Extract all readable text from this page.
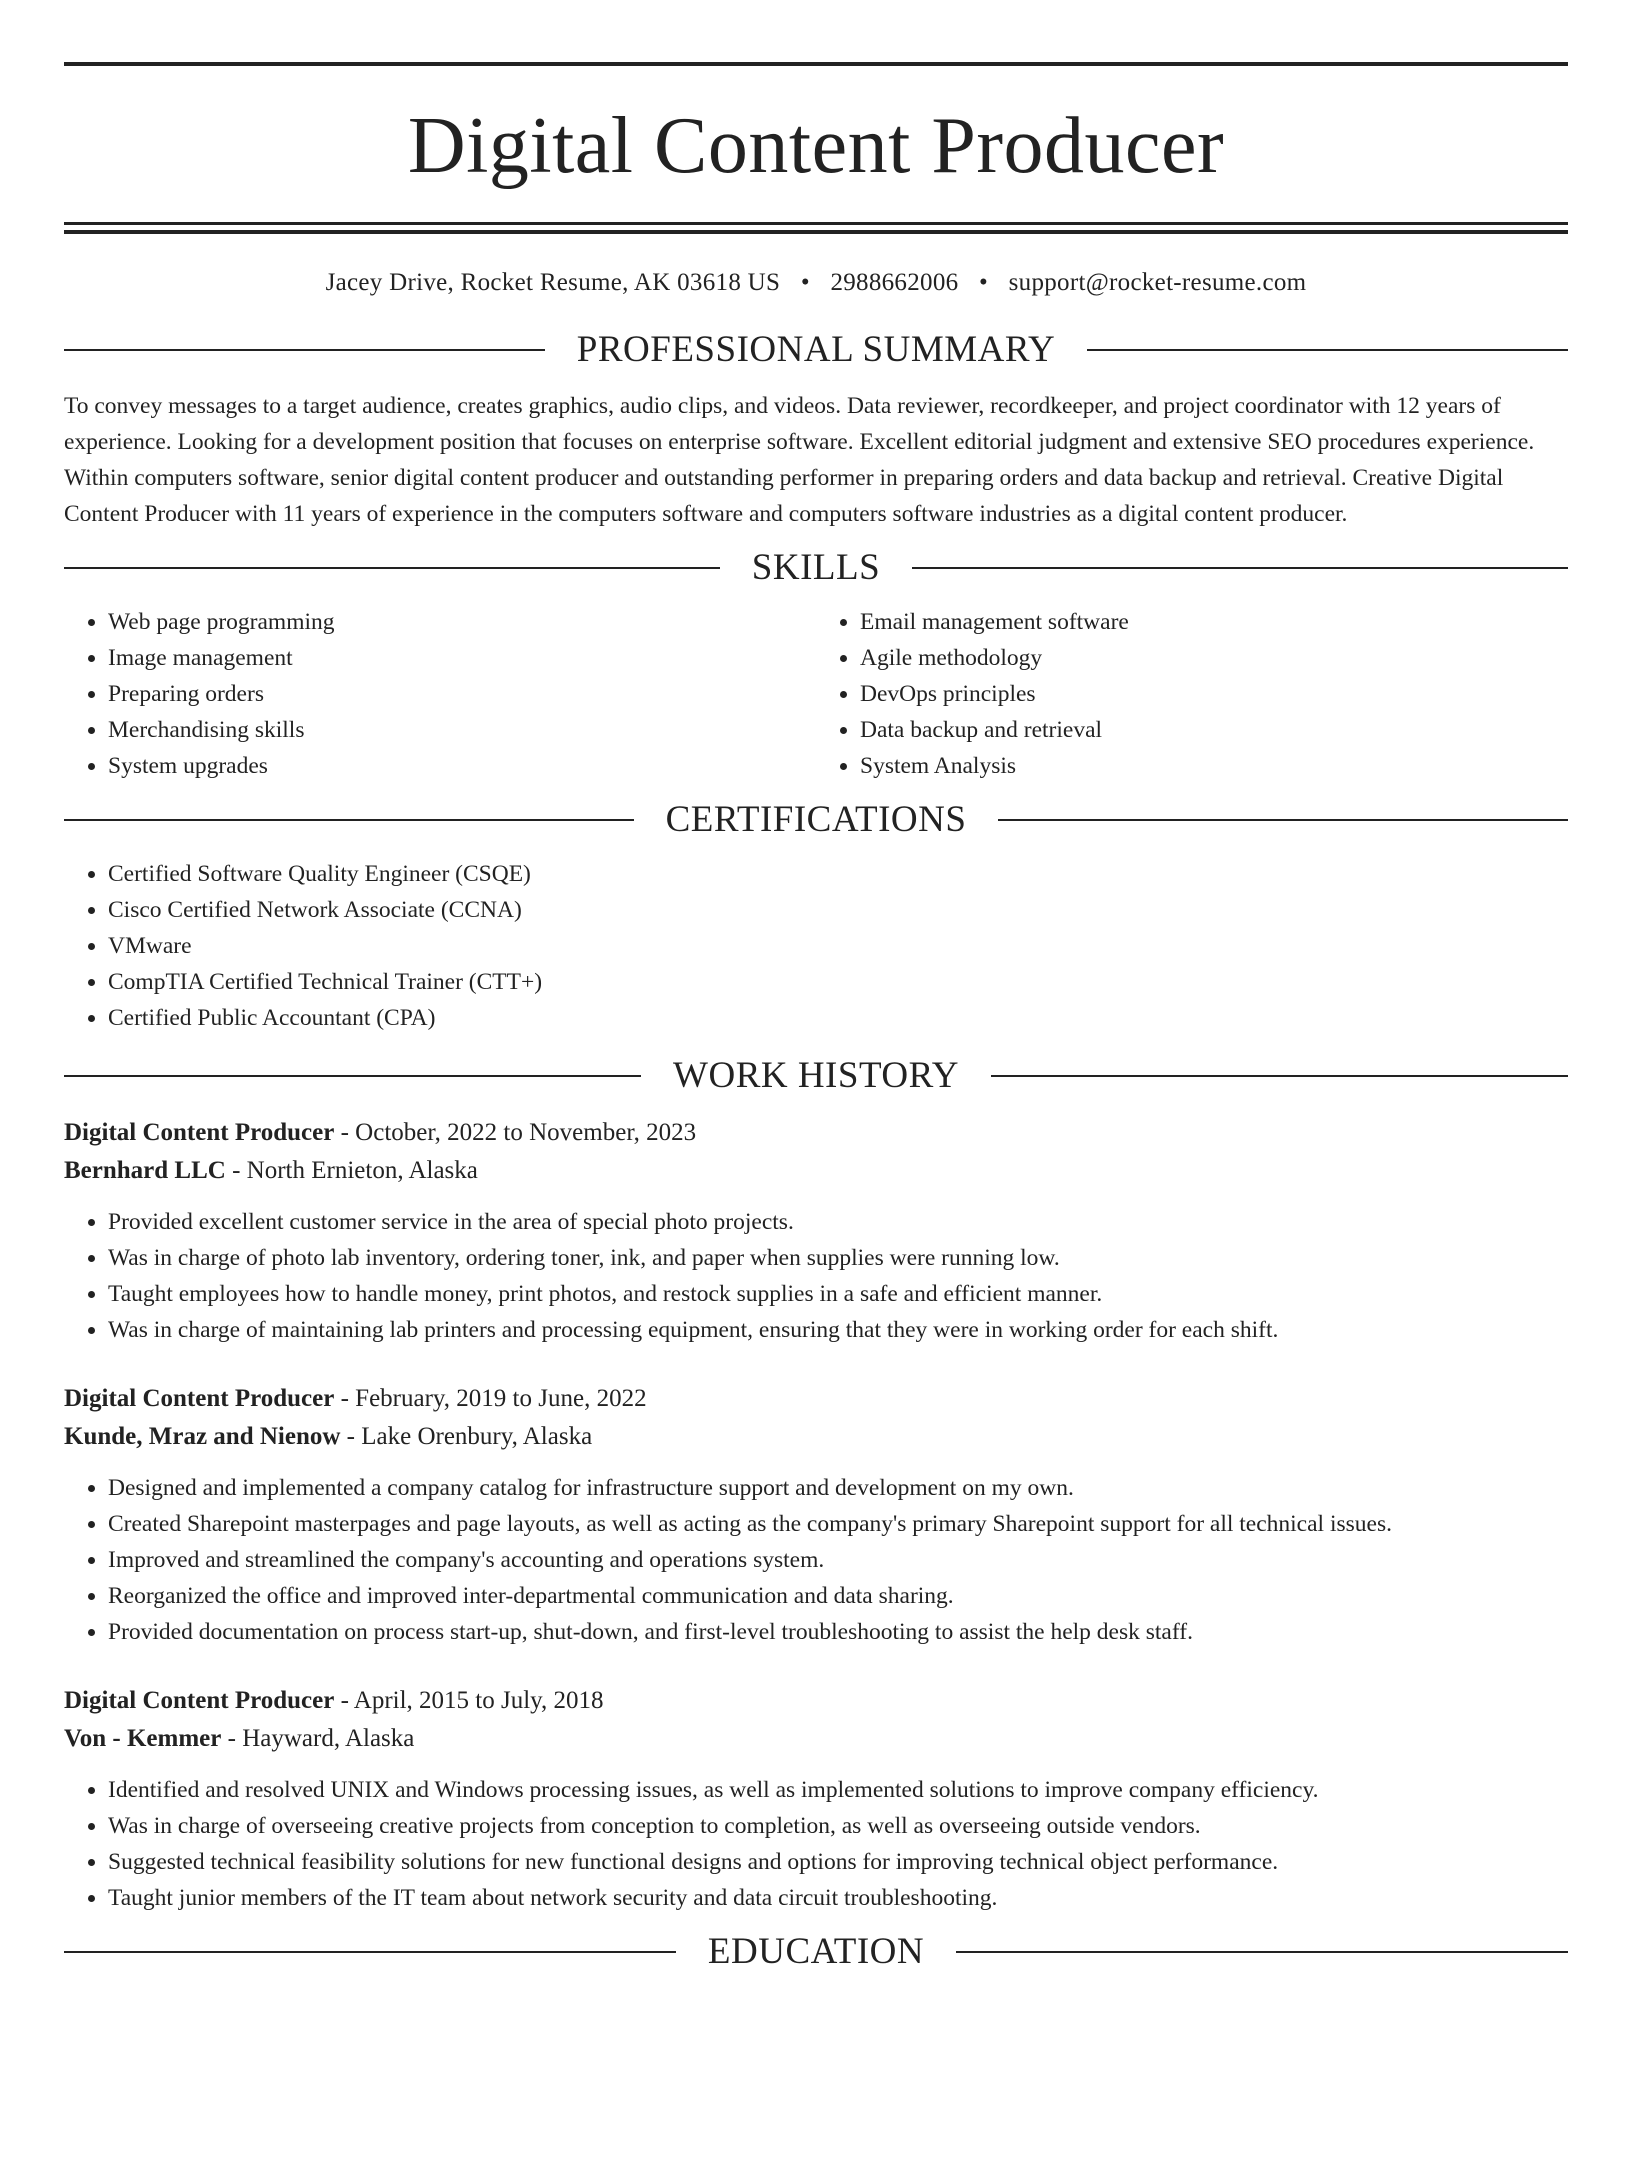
Digital Content Producer
Jacey Drive, Rocket Resume, AK 03618 US • 2988662006 • support@rocket-resume.com
PROFESSIONAL SUMMARY

To convey messages to a target audience, creates graphics, audio clips, and videos. Data reviewer, recordkeeper, and project coordinator with 12 years of experience. Looking for a development position that focuses on enterprise software. Excellent editorial judgment and extensive SEO procedures experience. Within computers software, senior digital content producer and outstanding performer in preparing orders and data backup and retrieval. Creative Digital Content Producer with 11 years of experience in the computers software and computers software industries as a digital content producer.

SKILLS
• Web page programming
• Image management
• Preparing orders
• Merchandising skills
• System upgrades
• Email management software
• Agile methodology
• DevOps principles
• Data backup and retrieval
• System Analysis
CERTIFICATIONS
• Certified Software Quality Engineer (CSQE)
• Cisco Certified Network Associate (CCNA)
• VMware
• CompTIA Certified Technical Trainer (CTT+)
• Certified Public Accountant (CPA)
WORK HISTORY
Digital Content Producer - October, 2022 to November, 2023
Bernhard LLC - North Ernieton, Alaska
• Provided excellent customer service in the area of special photo projects.
• Was in charge of photo lab inventory, ordering toner, ink, and paper when supplies were running low.
• Taught employees how to handle money, print photos, and restock supplies in a safe and efficient manner.
• Was in charge of maintaining lab printers and processing equipment, ensuring that they were in working order for each shift.
Digital Content Producer - February, 2019 to June, 2022
Kunde, Mraz and Nienow - Lake Orenbury, Alaska
• Designed and implemented a company catalog for infrastructure support and development on my own.
• Created Sharepoint masterpages and page layouts, as well as acting as the company's primary Sharepoint support for all technical issues.
• Improved and streamlined the company's accounting and operations system.
• Reorganized the office and improved inter-departmental communication and data sharing.
• Provided documentation on process start-up, shut-down, and first-level troubleshooting to assist the help desk staff.
Digital Content Producer - April, 2015 to July, 2018
Von - Kemmer - Hayward, Alaska
• Identified and resolved UNIX and Windows processing issues, as well as implemented solutions to improve company efficiency.
• Was in charge of overseeing creative projects from conception to completion, as well as overseeing outside vendors.
• Suggested technical feasibility solutions for new functional designs and options for improving technical object performance.
• Taught junior members of the IT team about network security and data circuit troubleshooting.
EDUCATION
